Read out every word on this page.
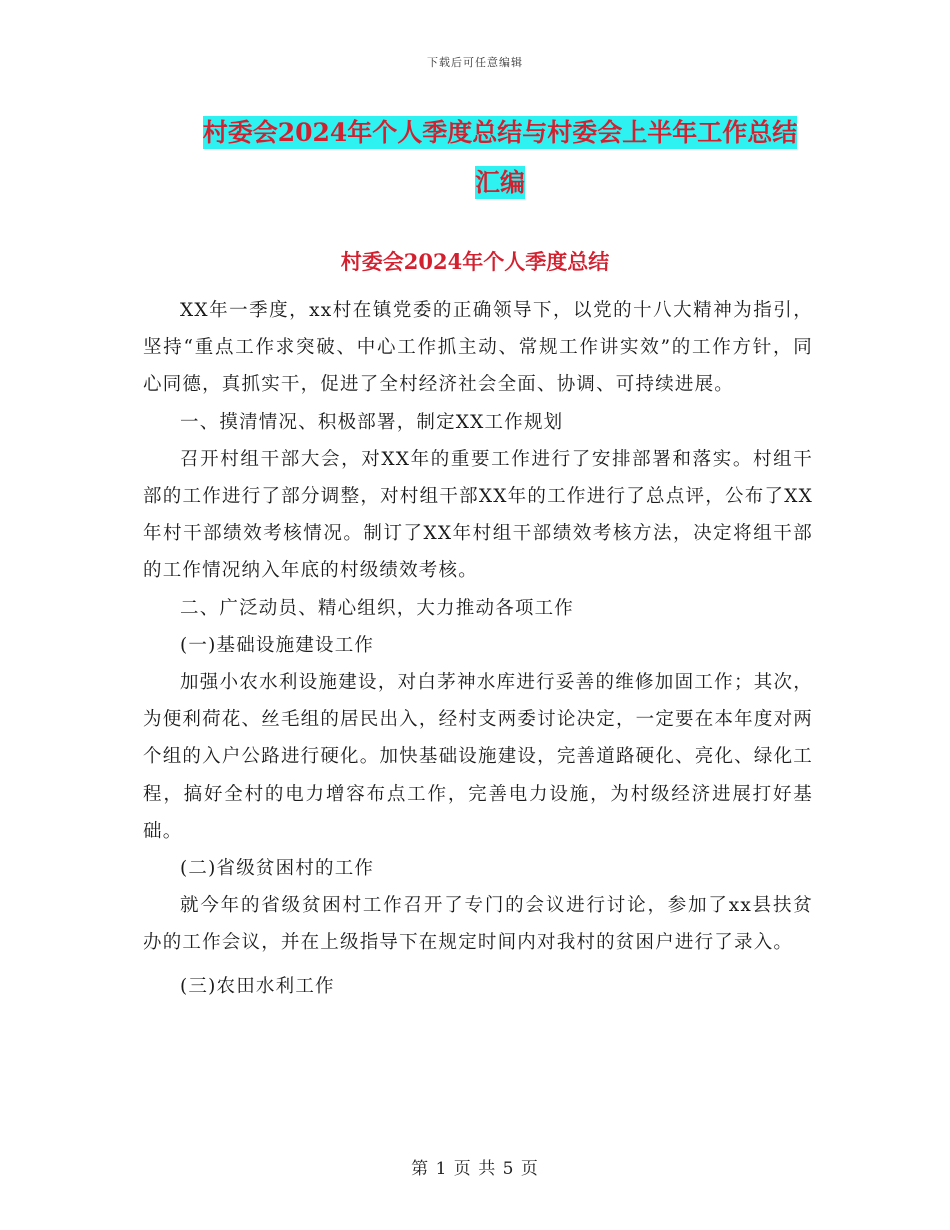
下载后可任意编辑
村委会2024年个人季度总结与村委会上半年工作总结
汇编
村委会2024年个人季度总结

XX年一季度，xx村在镇党委的正确领导下，以党的十八大精神为指引，坚持“重点工作求突破、中心工作抓主动、常规工作讲实效”的工作方针，同心同德，真抓实干，促进了全村经济社会全面、协调、可持续进展。

一、摸清情况、积极部署，制定XX工作规划

召开村组干部大会，对XX年的重要工作进行了安排部署和落实。村组干部的工作进行了部分调整，对村组干部XX年的工作进行了总点评，公布了XX年村干部绩效考核情况。制订了XX年村组干部绩效考核方法，决定将组干部的工作情况纳入年底的村级绩效考核。

二、广泛动员、精心组织，大力推动各项工作

(一)基础设施建设工作

加强小农水利设施建设，对白茅神水库进行妥善的维修加固工作；其次，为便利荷花、丝毛组的居民出入，经村支两委讨论决定，一定要在本年度对两个组的入户公路进行硬化。加快基础设施建设，完善道路硬化、亮化、绿化工程，搞好全村的电力增容布点工作，完善电力设施，为村级经济进展打好基础。

(二)省级贫困村的工作

就今年的省级贫困村工作召开了专门的会议进行讨论，参加了xx县扶贫办的工作会议，并在上级指导下在规定时间内对我村的贫困户进行了录入。

(三)农田水利工作

第 1 页 共 5 页
